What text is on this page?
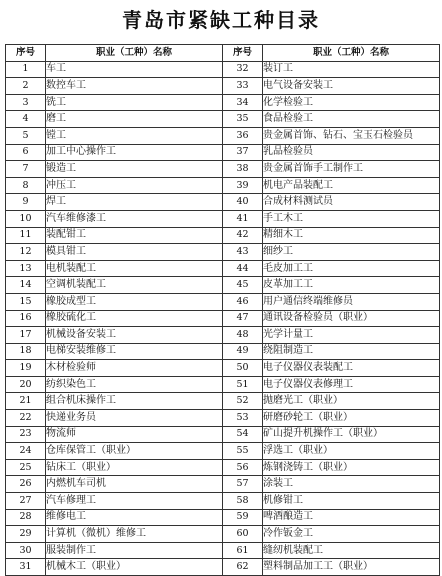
青岛市紧缺工种目录
序号	职业（工种）名称	序号	职业（工种）名称
1	车工	32	装订工
2	数控车工	33	电气设备安装工
3	铣工	34	化学检验工
4	磨工	35	食品检验工
5	镗工	36	贵金属首饰、钻石、宝玉石检验员
6	加工中心操作工	37	乳品检验员
7	锻造工	38	贵金属首饰手工制作工
8	冲压工	39	机电产品装配工
9	焊工	40	合成材料测试员
10	汽车维修漆工	41	手工木工
11	装配钳工	42	精细木工
12	模具钳工	43	细纱工
13	电机装配工	44	毛皮加工工
14	空调机装配工	45	皮革加工工
15	橡胶成型工	46	用户通信终端维修员
16	橡胶硫化工	47	通讯设备检验员（职业）
17	机械设备安装工	48	光学计量工
18	电梯安装维修工	49	绕阻制造工
19	木材检验师	50	电子仪器仪表装配工
20	纺织染色工	51	电子仪器仪表修理工
21	组合机床操作工	52	抛磨光工（职业）
22	快递业务员	53	研磨砂轮工（职业）
23	物流师	54	矿山提升机操作工（职业）
24	仓库保管工（职业）	55	浮选工（职业）
25	钻床工（职业）	56	炼钢浇铸工（职业）
26	内燃机车司机	57	涂装工
27	汽车修理工	58	机修钳工
28	维修电工	59	啤酒酿造工
29	计算机（微机）维修工	60	冷作钣金工
30	服装制作工	61	缝纫机装配工
31	机械木工（职业）	62	塑料制品加工工（职业）
